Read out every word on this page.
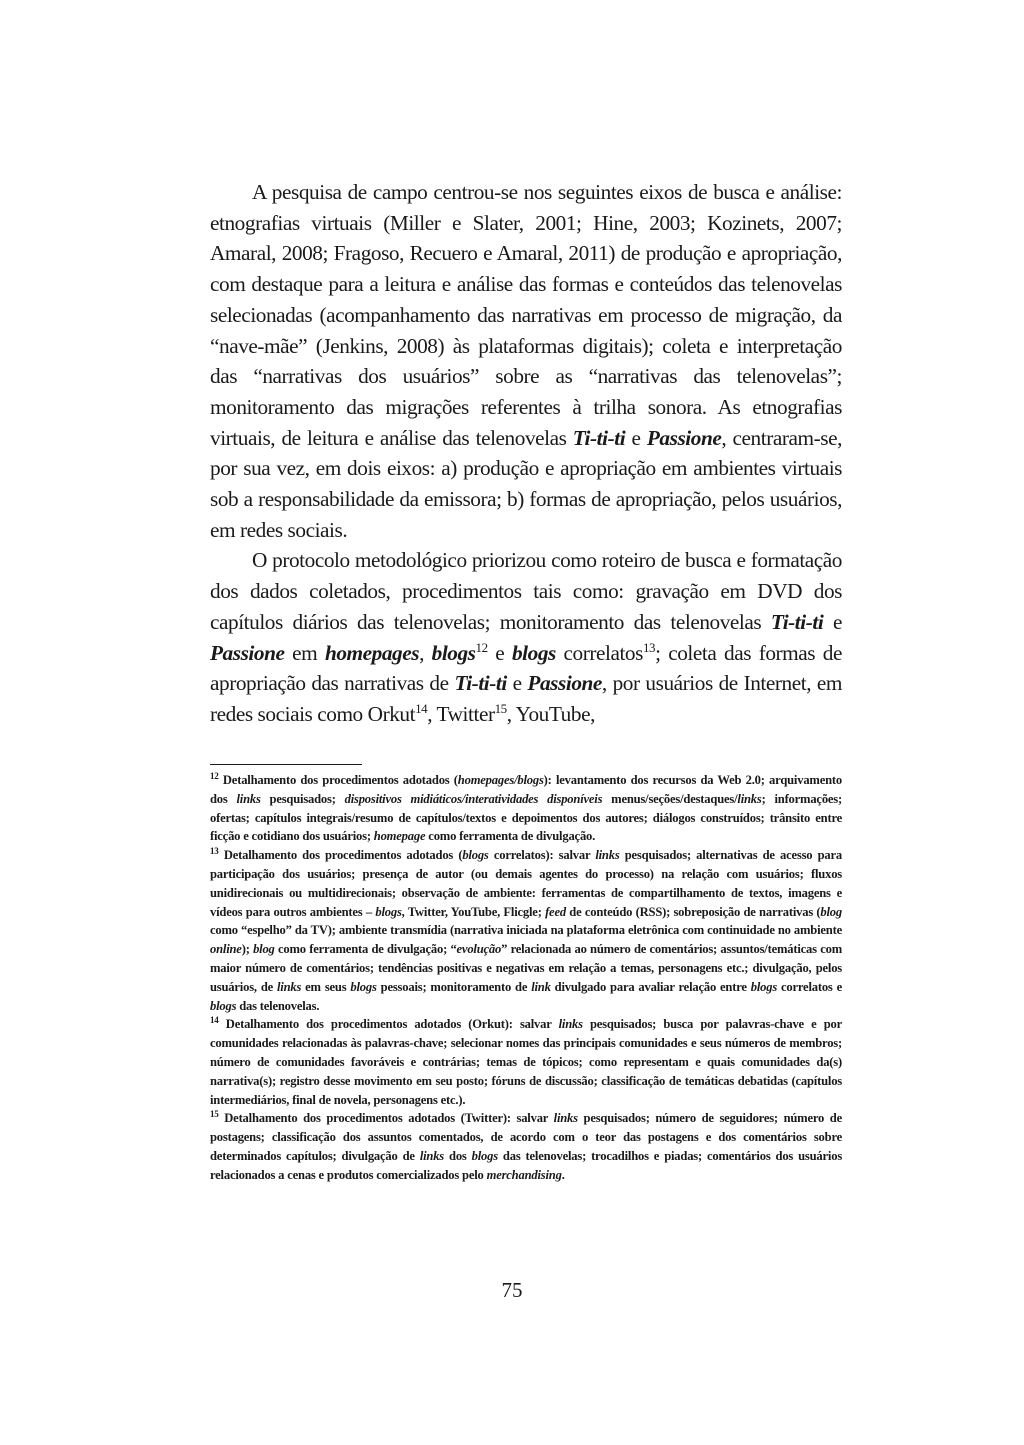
A pesquisa de campo centrou-se nos seguintes eixos de busca e análise: etnografias virtuais (Miller e Slater, 2001; Hine, 2003; Kozinets, 2007; Amaral, 2008; Fragoso, Recuero e Amaral, 2011) de produção e apropriação, com destaque para a leitura e análise das formas e conteúdos das telenovelas selecionadas (acompanhamento das narrativas em processo de migração, da “nave-mãe” (Jenkins, 2008) às plataformas digitais); coleta e interpretação das “narrativas dos usuários” sobre as “narrativas das telenovelas”; monitoramento das migrações referentes à trilha sonora. As etnografias virtuais, de leitura e análise das telenovelas Ti-ti-ti e Passione, centraram-se, por sua vez, em dois eixos: a) produção e apropriação em ambientes virtuais sob a responsabilidade da emissora; b) formas de apropriação, pelos usuários, em redes sociais.

O protocolo metodológico priorizou como roteiro de busca e formatação dos dados coletados, procedimentos tais como: gravação em DVD dos capítulos diários das telenovelas; monitoramento das telenovelas Ti-ti-ti e Passione em homepages, blogs$^{12}$ e blogs correlatos$^{13}$; coleta das formas de apropriação das narrativas de Ti-ti-ti e Passione, por usuários de Internet, em redes sociais como Orkut$^{14}$, Twitter$^{15}$, YouTube,

$^{12}$ Detalhamento dos procedimentos adotados (homepages/blogs): levantamento dos recursos da Web 2.0; arquivamento dos links pesquisados; dispositivos midiáticos/interatividades disponíveis menus/seções/destaques/links; informações; ofertas; capítulos integrais/resumo de capítulos/textos e depoimentos dos autores; diálogos construídos; trânsito entre ficção e cotidiano dos usuários; homepage como ferramenta de divulgação.

$^{13}$ Detalhamento dos procedimentos adotados (blogs correlatos): salvar links pesquisados; alternativas de acesso para participação dos usuários; presença de autor (ou demais agentes do processo) na relação com usuários; fluxos unidirecionais ou multidirecionais; observação de ambiente: ferramentas de compartilhamento de textos, imagens e vídeos para outros ambientes – blogs, Twitter, YouTube, Flicgle; feed de conteúdo (RSS); sobreposição de narrativas (blog como “espelho” da TV); ambiente transmídia (narrativa iniciada na plataforma eletrônica com continuidade no ambiente online); blog como ferramenta de divulgação; “evolução” relacionada ao número de comentários; assuntos/temáticas com maior número de comentários; tendências positivas e negativas em relação a temas, personagens etc.; divulgação, pelos usuários, de links em seus blogs pessoais; monitoramento de link divulgado para avaliar relação entre blogs correlatos e blogs das telenovelas.

$^{14}$ Detalhamento dos procedimentos adotados (Orkut): salvar links pesquisados; busca por palavras-chave e por comunidades relacionadas às palavras-chave; selecionar nomes das principais comunidades e seus números de membros; número de comunidades favoráveis e contrárias; temas de tópicos; como representam e quais comunidades da(s) narrativa(s); registro desse movimento em seu posto; fóruns de discussão; classificação de temáticas debatidas (capítulos intermediários, final de novela, personagens etc.).

$^{15}$ Detalhamento dos procedimentos adotados (Twitter): salvar links pesquisados; número de seguidores; número de postagens; classificação dos assuntos comentados, de acordo com o teor das postagens e dos comentários sobre determinados capítulos; divulgação de links dos blogs das telenovelas; trocadilhos e piadas; comentários dos usuários relacionados a cenas e produtos comercializados pelo merchandising.

75
